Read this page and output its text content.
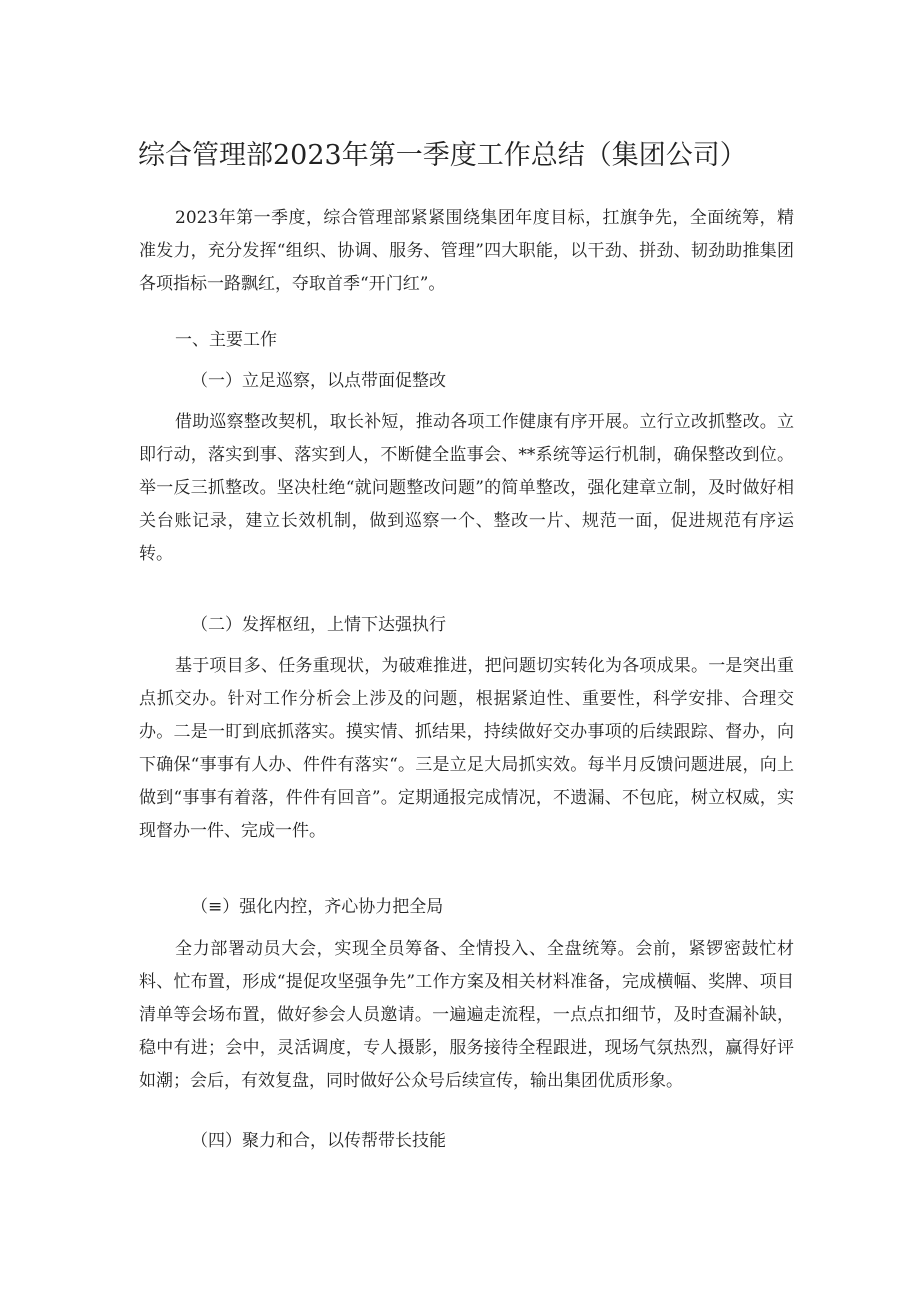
综合管理部2023年第一季度工作总结（集团公司）

2023年第一季度，综合管理部紧紧围绕集团年度目标，扛旗争先，全面统筹，精准发力，充分发挥“组织、协调、服务、管理”四大职能，以干劲、拼劲、韧劲助推集团各项指标一路飘红，夺取首季“开门红”。

一、主要工作
（一）立足巡察，以点带面促整改

借助巡察整改契机，取长补短，推动各项工作健康有序开展。立行立改抓整改。立即行动，落实到事、落实到人，不断健全监事会、**系统等运行机制，确保整改到位。举一反三抓整改。坚决杜绝“就问题整改问题”的简单整改，强化建章立制，及时做好相关台账记录，建立长效机制，做到巡察一个、整改一片、规范一面，促进规范有序运转。

（二）发挥枢纽，上情下达强执行

基于项目多、任务重现状，为破难推进，把问题切实转化为各项成果。一是突出重点抓交办。针对工作分析会上涉及的问题，根据紧迫性、重要性，科学安排、合理交办。二是一盯到底抓落实。摸实情、抓结果，持续做好交办事项的后续跟踪、督办，向下确保“事事有人办、件件有落实“。三是立足大局抓实效。每半月反馈问题进展，向上做到“事事有着落，件件有回音”。定期通报完成情况，不遗漏、不包庇，树立权威，实现督办一件、完成一件。

（≡）强化内控，齐心协力把全局

全力部署动员大会，实现全员筹备、全情投入、全盘统筹。会前，紧锣密鼓忙材料、忙布置，形成“提促攻坚强争先”工作方案及相关材料准备，完成横幅、奖牌、项目清单等会场布置，做好参会人员邀请。一遍遍走流程，一点点扣细节，及时查漏补缺，稳中有进；会中，灵活调度，专人摄影，服务接待全程跟进，现场气氛热烈，赢得好评如潮；会后，有效复盘，同时做好公众号后续宣传，输出集团优质形象。

（四）聚力和合，以传帮带长技能
